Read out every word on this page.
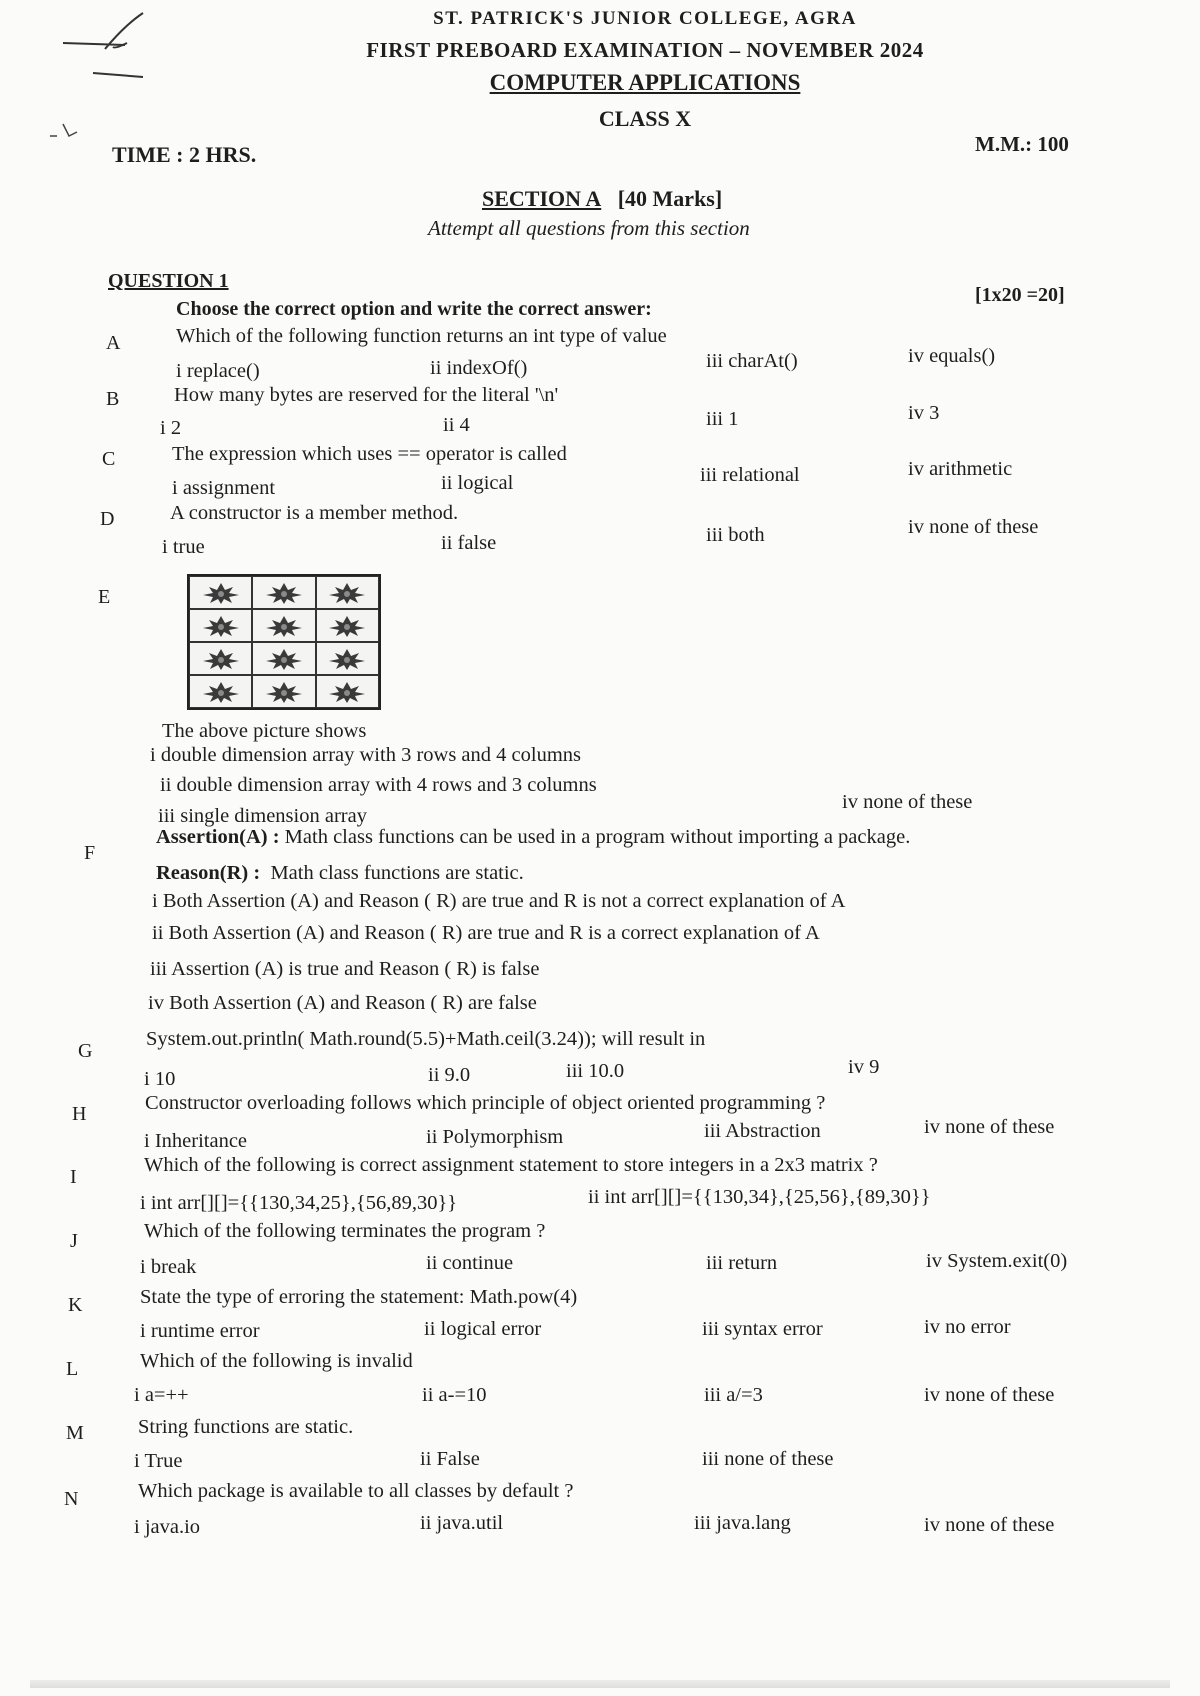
ST. PATRICK'S JUNIOR COLLEGE, AGRA
FIRST PREBOARD EXAMINATION – NOVEMBER 2024
COMPUTER APPLICATIONS
CLASS X
TIME : 2 HRS.	M.M.: 100
SECTION A [40 Marks]
Attempt all questions from this section
QUESTION 1
Choose the correct option and write the correct answer:
[1x20 =20]
A	Which of the following function returns an int type of value
i replace()	ii indexOf()	iii charAt()	iv equals()
B	How many bytes are reserved for the literal '\n'
i 2	ii 4	iii 1	iv 3
C	The expression which uses == operator is called
i assignment	ii logical	iii relational	iv arithmetic
D	A constructor is a member method.
i true	ii false	iii both	iv none of these
E
The above picture shows
i double dimension array with 3 rows and 4 columns
ii double dimension array with 4 rows and 3 columns
iii single dimension array
iv none of these
F
Assertion(A) : Math class functions can be used in a program without importing a package.
Reason(R) : Math class functions are static.
i Both Assertion (A) and Reason ( R) are true and R is not a correct explanation of A
ii Both Assertion (A) and Reason ( R) are true and R is a correct explanation of A
iii Assertion (A) is true and Reason ( R) is false
iv Both Assertion (A) and Reason ( R) are false
G
System.out.println( Math.round(5.5)+Math.ceil(3.24)); will result in
i 10	ii 9.0	iii 10.0	iv 9
H	Constructor overloading follows which principle of object oriented programming ?
i Inheritance	ii Polymorphism	iii Abstraction	iv none of these
I
Which of the following is correct assignment statement to store integers in a 2x3 matrix ?
i int arr[][]={{130,34,25},{56,89,30}}	ii int arr[][]={{130,34},{25,56},{89,30}}
J	Which of the following terminates the program ?
i break	ii continue	iii return	iv System.exit(0)
K	State the type of erroring the statement: Math.pow(4)
i runtime error	ii logical error	iii syntax error	iv no error
L	Which of the following is invalid
i a=++	ii a-=10	iii a/=3	iv none of these
M	String functions are static.
i True	ii False	iii none of these
N	Which package is available to all classes by default ?
i java.io	ii java.util	iii java.lang	iv none of these
